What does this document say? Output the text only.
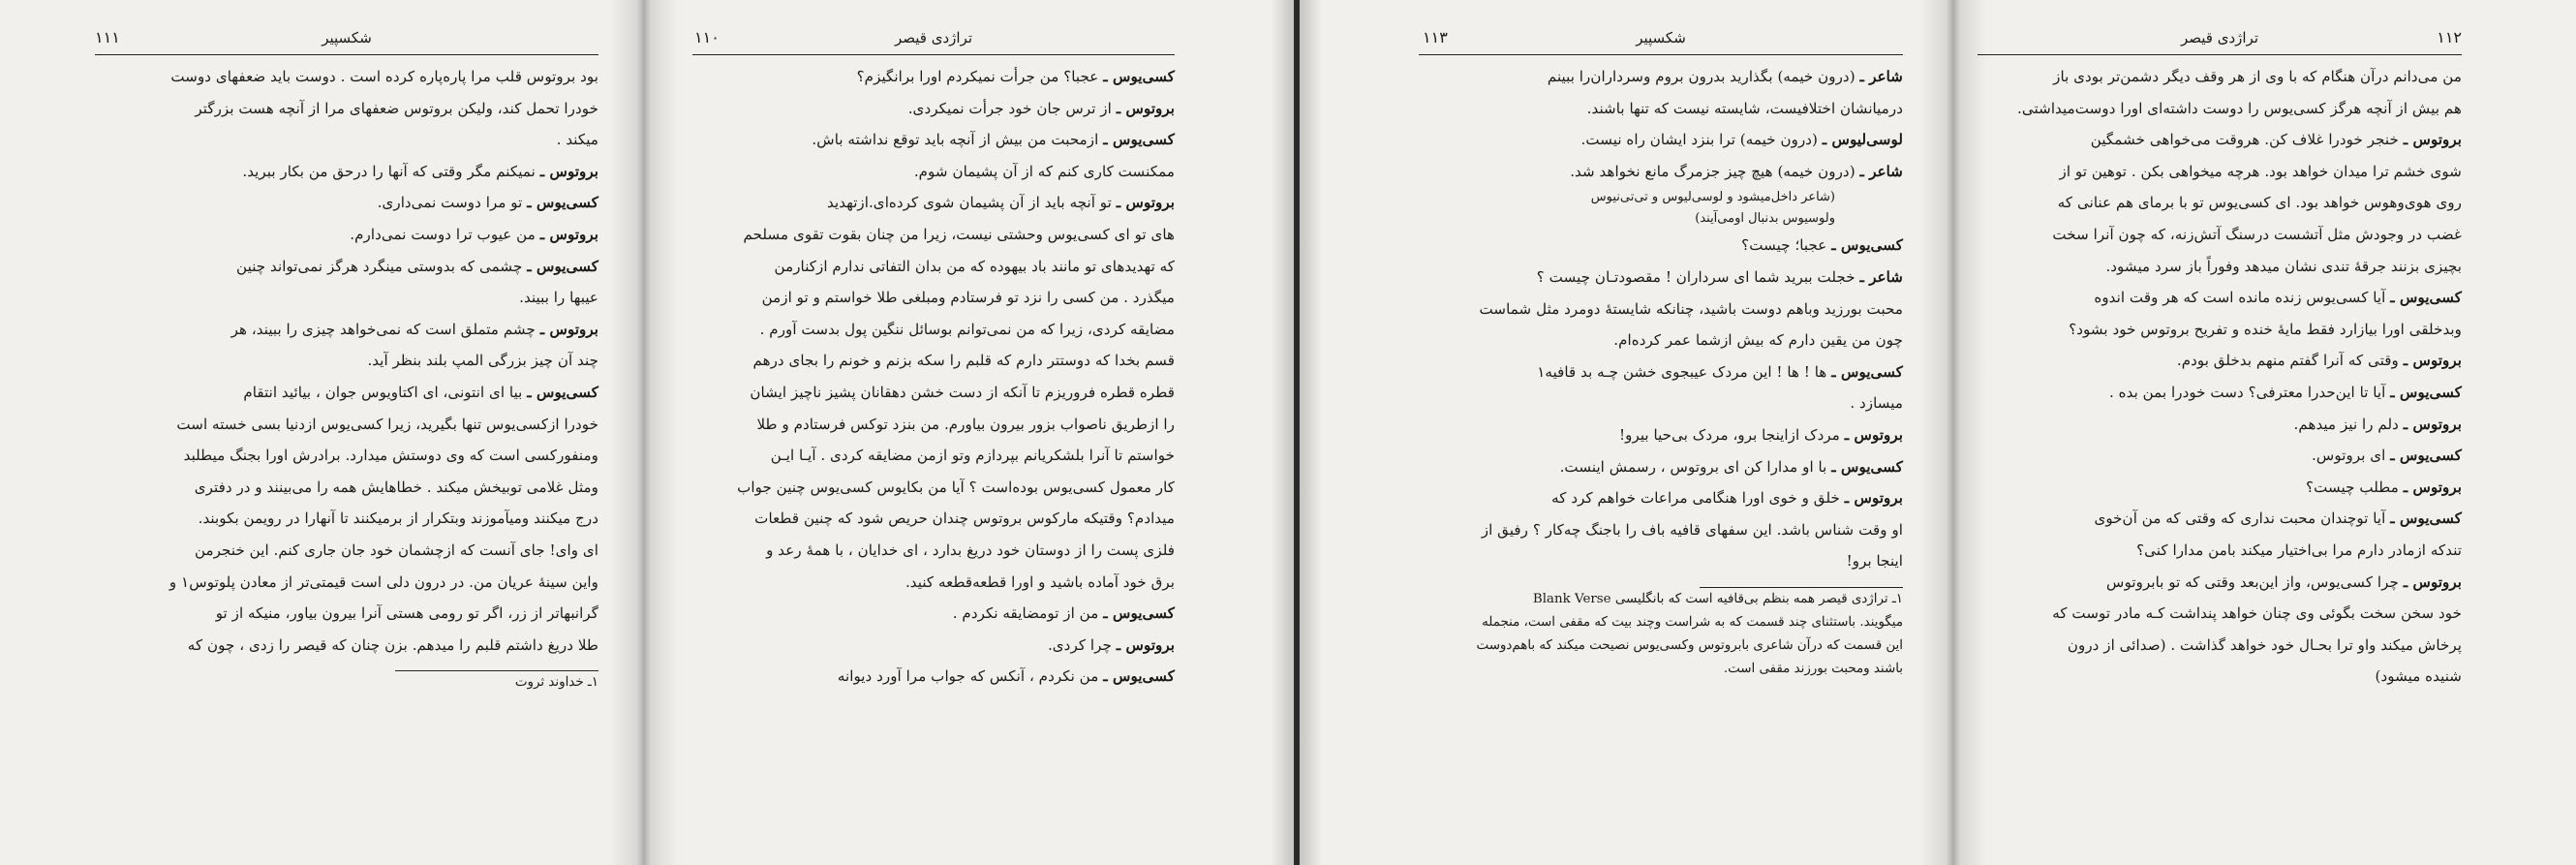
١١١	شکسپیر

بود بروتوس قلب مرا پاره‌پاره کرده است . دوست باید ضعفهای دوست

خودرا تحمل کند، ولیکن بروتوس ضعفهای مرا از آنچه هست بزرگتر

میکند .

بروتوس ـ نمیکنم مگر وقتی که آنها را درحق من بکار ببرید.

کسی‌یوس ـ تو مرا دوست نمی‌داری.

بروتوس ـ من عیوب ترا دوست نمی‌دارم.

کسی‌یوس ـ چشمی که بدوستی مینگرد هرگز نمی‌تواند چنین

عیبها را ببیند.

بروتوس ـ چشم متملق است که نمی‌خواهد چیزی را ببیند، هر

چند آن چیز بزرگی المپ بلند بنظر آید.

کسی‌یوس ـ بیا ای انتونی، ای اکتاویوس جوان ، بیائید انتقام

خودرا ازکسی‌یوس تنها بگیرید، زیرا کسی‌یوس ازدنیا بسی خسته است

ومنفورکسی است که وی دوستش میدارد. برادرش اورا بجنگ میطلبد

ومثل غلامی توبیخش میکند . خطاهایش همه را می‌بینند و در دفتری

درج میکنند ومیآموزند وبتکرار از برمیکنند تا آنهارا در رویمن بکوبند.

ای وای! جای آنست که ازچشمان خود جان جاری کنم. این خنجرمن

واین سینهٔ عریان من. در درون دلی است قیمتی‌تر از معادن پلوتوس١ و

گرانبهاتر از زر، اگر تو رومی هستی آنرا بیرون بیاور، منیکه از تو

طلا دریغ داشتم قلبم را میدهم. بزن چنان که قیصر را زدی ، چون که

١ـ خداوند ثروت
١١٠	تراژدی قیصر

کسی‌یوس ـ عجبا؟ من جرأت نمیکردم اورا برانگیزم؟

بروتوس ـ از ترس جان خود جرأت نمیکردی.

کسی‌یوس ـ ازمحبت من بیش از آنچه باید توقع نداشته باش.

ممکنست کاری کنم که از آن پشیمان شوم.

بروتوس ـ تو آنچه باید از آن پشیمان شوی کرده‌ای.ازتهدید

های تو ای کسی‌یوس وحشتی نیست، زیرا من چنان بقوت تقوی مسلحم

که تهدیدهای تو مانند باد بیهوده که من بدان التفاتی ندارم ازکنارمن

میگذرد . من کسی را نزد تو فرستادم ومبلغی طلا خواستم و تو ازمن

مضایقه کردی، زیرا که من نمی‌توانم بوسائل ننگین پول بدست آورم .

قسم بخدا که دوستتر دارم که قلبم را سکه بزنم و خونم را بجای درهم

قطره قطره فروریزم تا آنکه از دست خشن دهقانان پشیز ناچیز ایشان

را ازطریق ناصواب بزور بیرون بیاورم. من بنزد توکس فرستادم و طلا

خواستم تا آنرا بلشکریانم بپردازم وتو ازمن مضایقه کردی . آیـا ایـن

کار معمول کسی‌یوس بوده‌است ؟ آیا من بکایوس کسی‌یوس چنین جواب

میدادم؟ وقتیکه مارکوس بروتوس چندان حریص شود که چنین قطعات

فلزی پست را از دوستان خود دریغ بدارد ، ای خدایان ، با همهٔ رعد و

برق خود آماده باشید و اورا قطعه‌قطعه کنید.

کسی‌یوس ـ من از تومضایقه نکردم .

بروتوس ـ چرا کردی.

کسی‌یوس ـ من نکردم ، آنکس که جواب مرا آورد دیوانه

١١٣	شکسپیر

شاعر ـ (درون خیمه) بگذارید بدرون بروم وسرداران‌را ببینم

درمیانشان اختلافیست، شایسته نیست که تنها باشند.

لوسی‌لیوس ـ (درون خیمه) ترا بنزد ایشان راه نیست.

شاعر ـ (درون خیمه) هیچ چیز جزمرگ مانع نخواهد شد.

(شاعر داخل‌میشود و لوسی‌لیوس و تی‌تی‌نیوس

ولوسیوس بدنبال اومی‌آیند)

کسی‌یوس ـ عجبا؛ چیست؟

شاعر ـ خجلت ببرید شما ای سرداران ! مقصودتـان چیست ؟

محبت بورزید وباهم دوست باشید، چنانکه شایستهٔ دومرد مثل شماست

چون من یقین دارم که بیش ازشما عمر کرده‌ام.

کسی‌یوس ـ ها ! ها ! این مردک عیبجوی خشن چـه بد قافیه١

میسازد .

بروتوس ـ مردک ازاینجا برو، مردک بی‌حیا بیرو!

کسی‌یوس ـ با او مدارا کن ای بروتوس ، رسمش اینست.

بروتوس ـ خلق و خوی اورا هنگامی مراعات خواهم کرد که

او وقت شناس باشد. این سفهای قافیه باف را باجنگ چه‌کار ؟ رفیق از

اینجا برو!

١ـ تراژدی قیصر همه بنظم بی‌قافیه است که بانگلیسی Blank Verse
میگویند. باستثنای چند قسمت که به شراست وچند بیت که مقفی است، منجمله
این قسمت که درآن شاعری بابروتوس وکسی‌یوس نصیحت میکند که باهم‌دوست
باشند ومحبت بورزند مقفی است.
١١٢
تراژدی قیصر

من می‌دانم درآن هنگام که با وی از هر وقف دیگر دشمن‌تر بودی باز

هم بیش از آنچه هرگز کسی‌یوس را دوست داشته‌ای اورا دوست‌میداشتی.

بروتوس ـ خنجر خودرا غلاف کن. هروقت می‌خواهی خشمگین

شوی خشم ترا میدان خواهد بود. هرچه میخواهی بکن . توهین تو از

روی هوی‌وهوس خواهد بود. ای کسی‌یوس تو با برمای هم عنانی که

غضب در وجودش مثل آتشست درسنگ آتش‌زنه، که چون آنرا سخت

بچیزی بزنند جرقهٔ تندی نشان میدهد وفوراً باز سرد میشود.

کسی‌یوس ـ آیا کسی‌یوس زنده مانده است که هر وقت اندوه

وبدخلقی اورا بیازارد فقط مایهٔ خنده و تفریح بروتوس خود بشود؟

بروتوس ـ وقتی که آنرا گفتم منهم بدخلق بودم.

کسی‌یوس ـ آیا تا این‌حدرا معترفی؟ دست خودرا بمن بده .

بروتوس ـ دلم را نیز میدهم.

کسی‌یوس ـ ای بروتوس.

بروتوس ـ مطلب چیست؟

کسی‌یوس ـ آیا توچندان محبت نداری که وقتی که من آن‌خوی

تندکه ازمادر دارم مرا بی‌اختیار میکند بامن مدارا کنی؟

بروتوس ـ چرا کسی‌یوس، واز این‌بعد وقتی که تو بابروتوس

خود سخن سخت بگوئی وی چنان خواهد پنداشت کـه مادر توست که

پرخاش میکند واو ترا بحـال خود خواهد گذاشت . (صدائی از درون

شنیده میشود)
